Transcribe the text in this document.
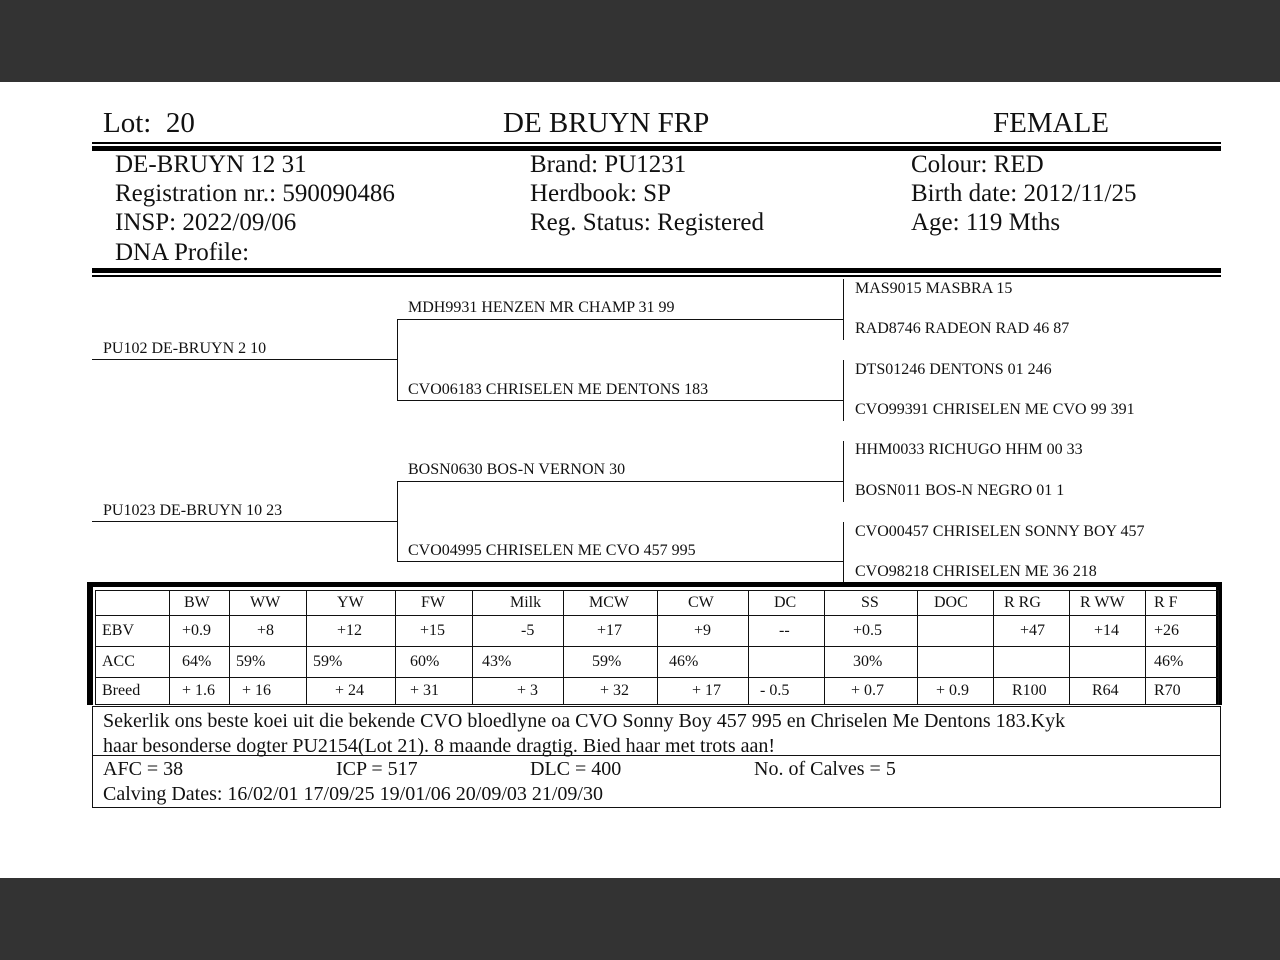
Lot: 20	DE BRUYN FRP	FEMALE
DE-BRUYN 12 31
Registration nr.: 590090486
INSP: 2022/09/06
DNA Profile:
Brand: PU1231
Herdbook: SP
Reg. Status: Registered
Colour: RED
Birth date: 2012/11/25
Age: 119 Mths
PU102 DE-BRUYN 2 10
PU1023 DE-BRUYN 10 23
MDH9931 HENZEN MR CHAMP 31 99
CVO06183 CHRISELEN ME DENTONS 183
BOSN0630 BOS-N VERNON 30
CVO04995 CHRISELEN ME CVO 457 995
MAS9015 MASBRA 15
RAD8746 RADEON RAD 46 87
DTS01246 DENTONS 01 246
CVO99391 CHRISELEN ME CVO 99 391
HHM0033 RICHUGO HHM 00 33
BOSN011 BOS-N NEGRO 01 1
CVO00457 CHRISELEN SONNY BOY 457
CVO98218 CHRISELEN ME 36 218
	BW	WW	YW	FW	Milk	MCW	CW	DC	SS	DOC	R RG	R WW	R F
EBV	+0.9	+8	+12	+15	-5	+17	+9	--	+0.5		+47	+14	+26
ACC	64%	59%	59%	60%	43%	59%	46%		30%				46%
Breed	+ 1.6	+ 16	+ 24	+ 31	+ 3	+ 32	+ 17	- 0.5	+ 0.7	+ 0.9	R100	R64	R70
Sekerlik ons beste koei uit die bekende CVO bloedlyne oa CVO Sonny Boy 457 995 en Chriselen Me Dentons 183.Kyk
haar besonderse dogter PU2154(Lot 21). 8 maande dragtig. Bied haar met trots aan!
AFC = 38	ICP = 517	DLC = 400	No. of Calves = 5
Calving Dates: 16/02/01 17/09/25 19/01/06 20/09/03 21/09/30
